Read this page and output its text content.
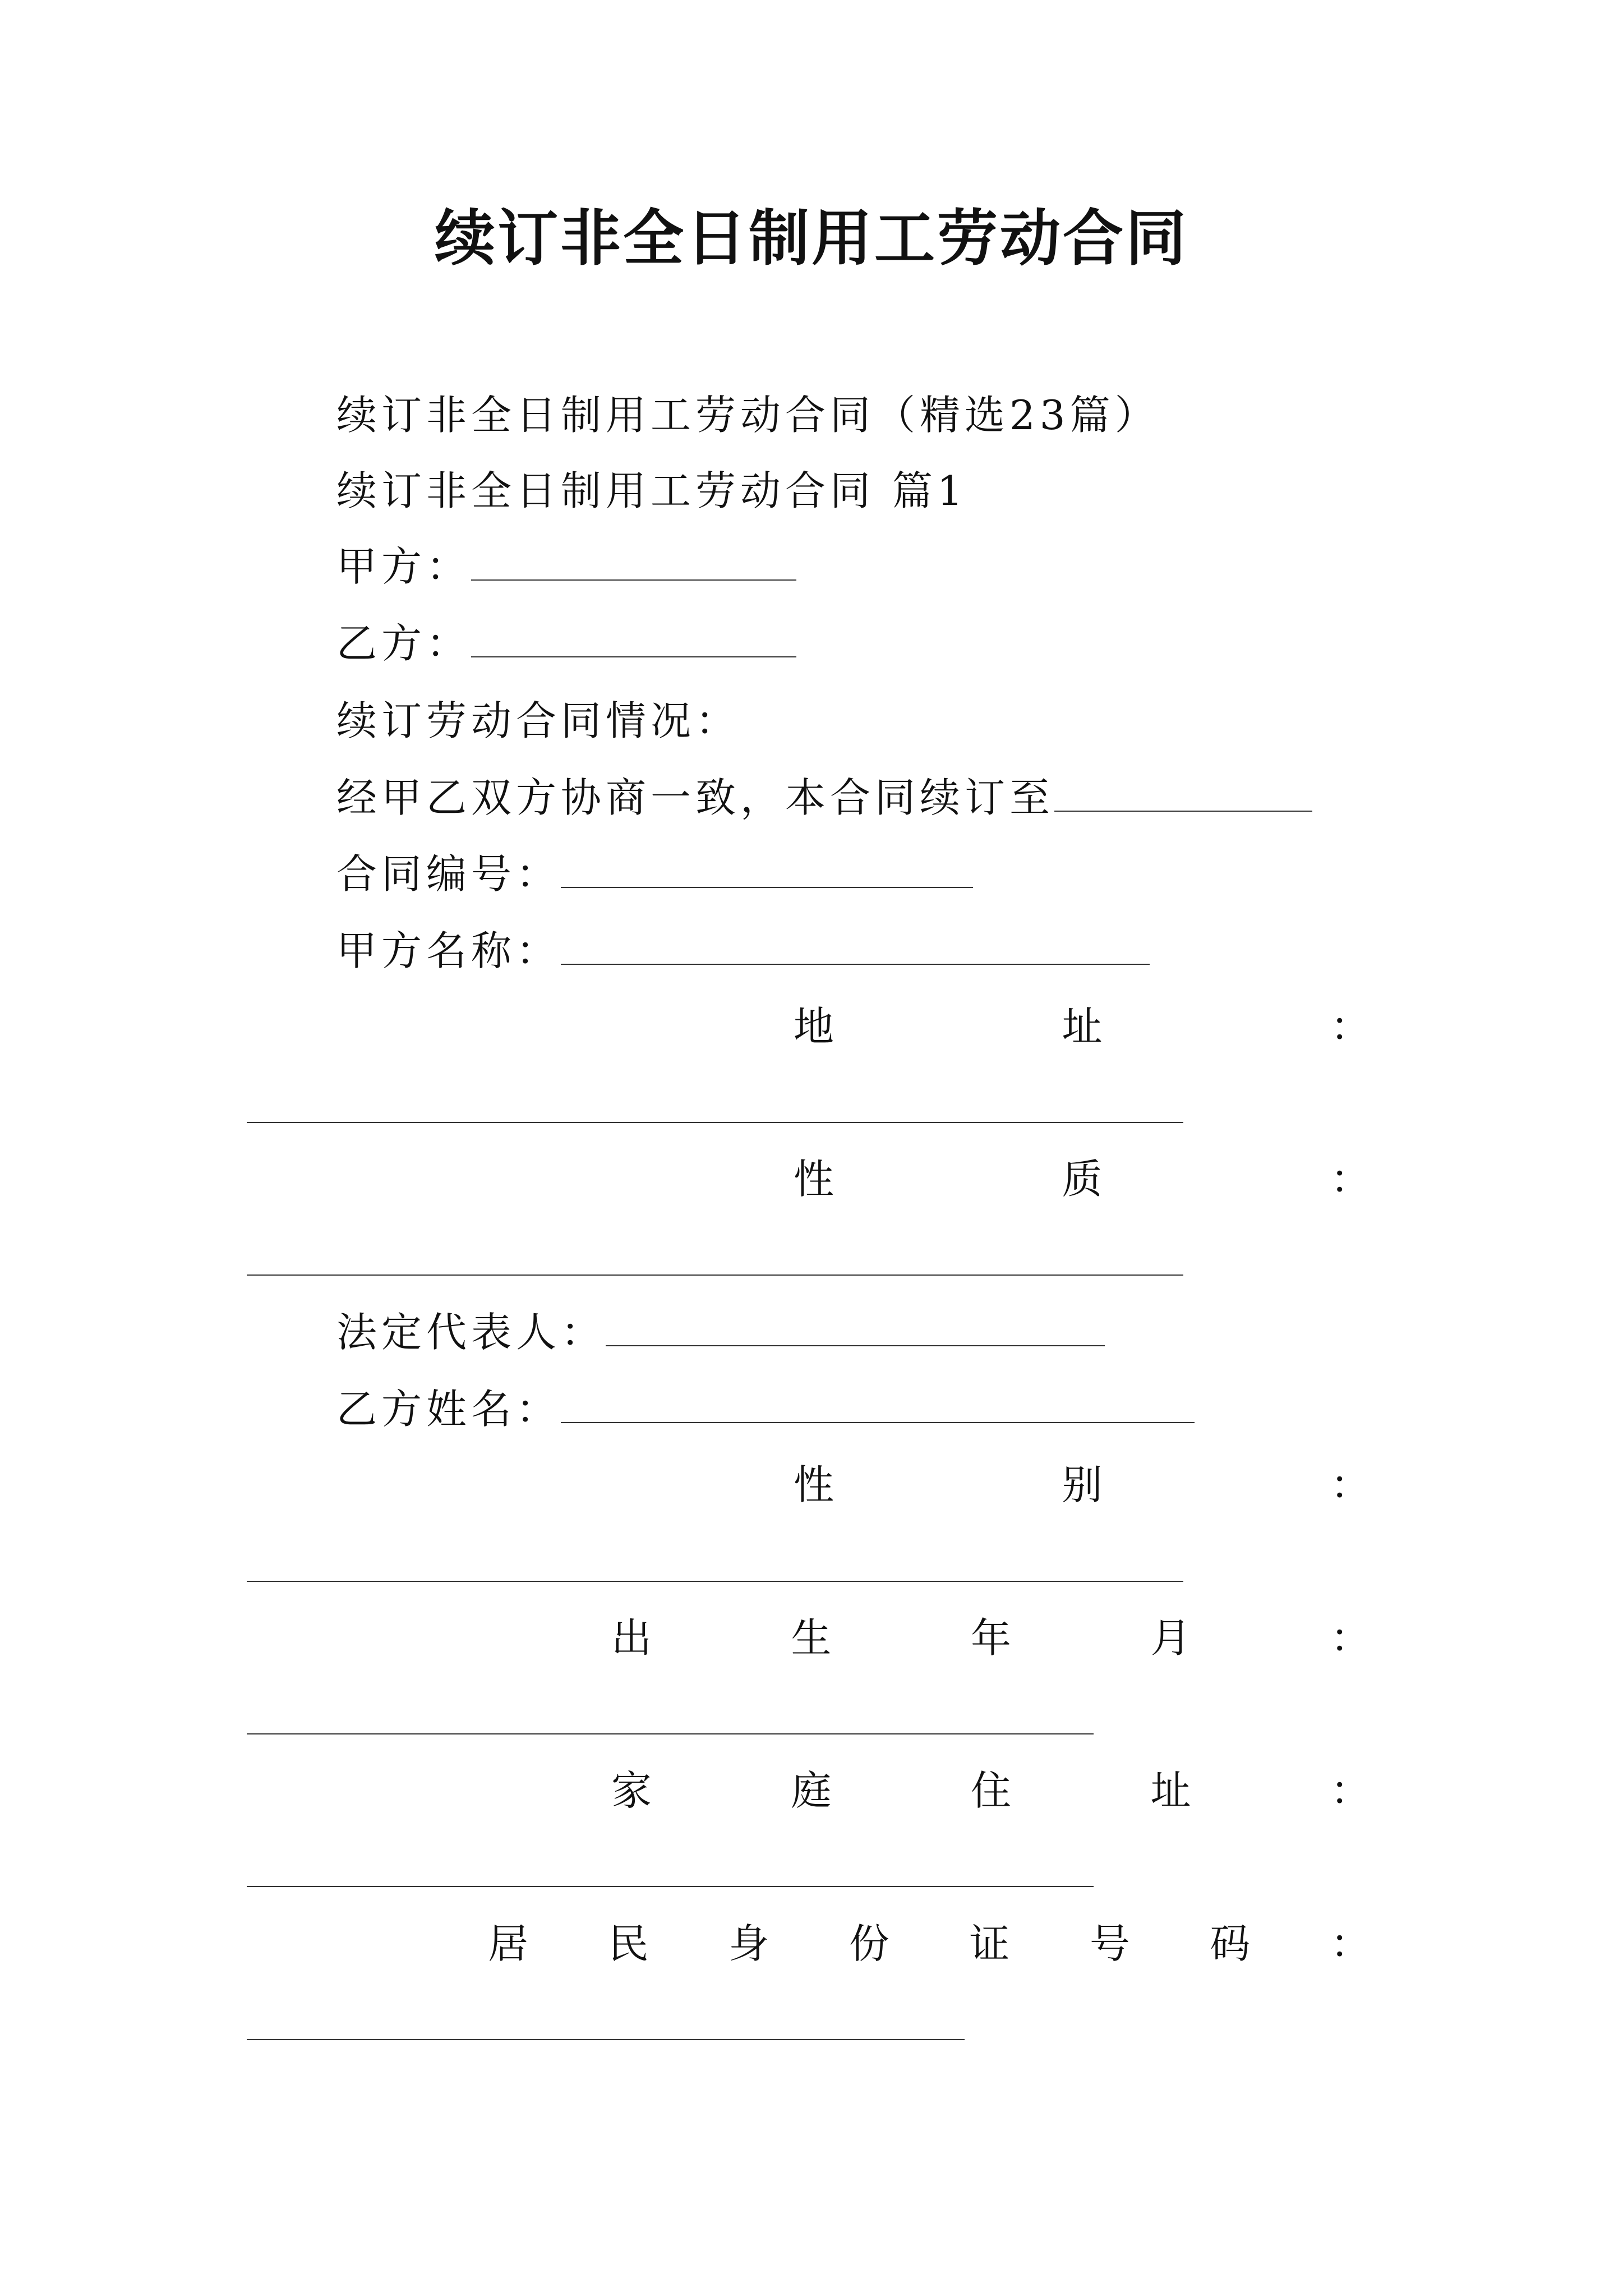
续订非全日制用工劳动合同
续订非全日制用工劳动合同（精选23篇）
续订非全日制用工劳动合同 篇1
甲方：
乙方：
续订劳动合同情况：
经甲乙双方协商一致，本合同续订至
合同编号：
甲方名称：
地	址	：
性	质	：
法定代表人：
乙方姓名：
性	别	：
出	生	年	月	：
家	庭	住	址	：
居 民 身 份 证 号 码 ：
